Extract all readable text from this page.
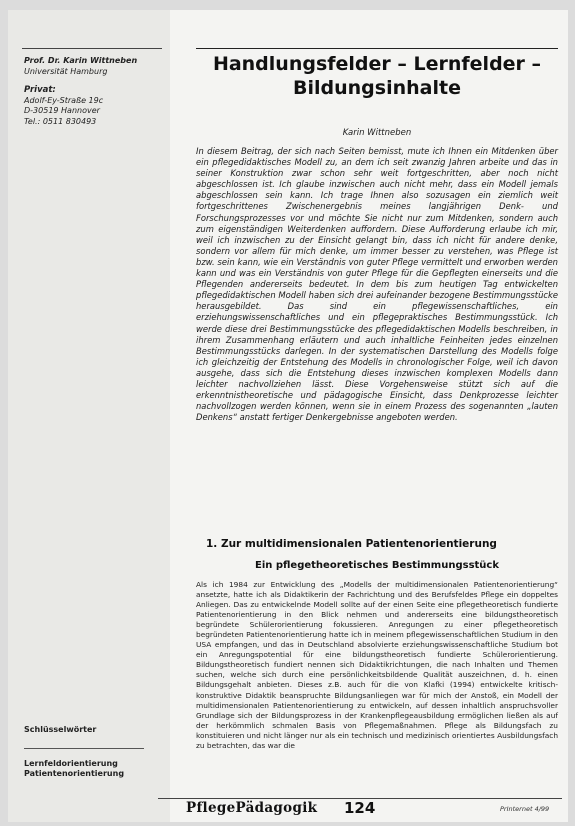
Prof. Dr. Karin Wittneben
Universität Hamburg
Privat:
Adolf-Ey-Straße 19c
D-30519 Hannover
Tel.: 0511 830493
Schlüsselwörter
Lernfeldorientierung
Patientenorientierung
Handlungsfelder – Lernfelder –
Bildungsinhalte
Karin Wittneben
In diesem Beitrag, der sich nach Seiten bemisst, mute ich Ihnen ein Mitdenken über ein pflegedidaktisches Modell zu, an dem ich seit zwanzig Jahren arbeite und das in seiner Konstruktion zwar schon sehr weit fortgeschritten, aber noch nicht abgeschlossen ist. Ich glaube inzwischen auch nicht mehr, dass ein Modell jemals abgeschlossen sein kann. Ich trage Ihnen also sozusagen ein ziemlich weit fortgeschrittenes Zwischenergebnis meines langjährigen Denk- und Forschungsprozesses vor und möchte Sie nicht nur zum Mitdenken, sondern auch zum eigenständigen Weiterdenken auffordern. Diese Aufforderung erlaube ich mir, weil ich inzwischen zu der Einsicht gelangt bin, dass ich nicht für andere denke, sondern vor allem für mich denke, um immer besser zu verstehen, was Pflege ist bzw. sein kann, wie ein Verständnis von guter Pflege vermittelt und erworben werden kann und was ein Verständnis von guter Pflege für die Gepflegten einerseits und die Pflegenden andererseits bedeutet. In dem bis zum heutigen Tag entwickelten pflegedidaktischen Modell haben sich drei aufeinander bezogene Bestimmungsstücke herausgebildet. Das sind ein pflegewissenschaftliches, ein erziehungswissenschaftliches und ein pflegepraktisches Bestimmungsstück. Ich werde diese drei Bestimmungsstücke des pflegedidaktischen Modells beschreiben, in ihrem Zusammenhang erläutern und auch inhaltliche Feinheiten jedes einzelnen Bestimmungsstücks darlegen. In der systematischen Darstellung des Modells folge ich gleichzeitig der Entstehung des Modells in chronologischer Folge, weil ich davon ausgehe, dass sich die Entstehung dieses inzwischen komplexen Modells dann leichter nachvollziehen lässt. Diese Vorgehensweise stützt sich auf die erkenntnistheoretische und pädagogische Einsicht, dass Denkprozesse leichter nachvollzogen werden können, wenn sie in einem Prozess des sogenannten „lauten Denkens“ anstatt fertiger Denkergebnisse angeboten werden.
1. Zur multidimensionalen Patientenorientierung
Ein pflegetheoretisches Bestimmungsstück
Als ich 1984 zur Entwicklung des „Modells der multidimensionalen Patientenorientierung“ ansetzte, hatte ich als Didaktikerin der Fachrichtung und des Berufsfeldes Pflege ein doppeltes Anliegen. Das zu entwickelnde Modell sollte auf der einen Seite eine pflegetheoretisch fundierte Patientenorientierung in den Blick nehmen und andererseits eine bildungstheoretisch begründete Schülerorientierung fokussieren. Anregungen zu einer pflegetheoretisch begründeten Patientenorientierung hatte ich in meinem pflegewissenschaftlichen Studium in den USA empfangen, und das in Deutschland absolvierte erziehungswissenschaftliche Studium bot ein Anregungspotential für eine bildungstheoretisch fundierte Schülerorientierung. Bildungstheoretisch fundiert nennen sich Didaktikrichtungen, die nach Inhalten und Themen suchen, welche sich durch eine persönlichkeitsbildende Qualität auszeichnen, d. h. einen Bildungsgehalt anbieten. Dieses z.B. auch für die von Klafki (1994) entwickelte kritisch-konstruktive Didaktik beanspruchte Bildungsanliegen war für mich der Anstoß, ein Modell der multidimensionalen Patientenorientierung zu entwickeln, auf dessen inhaltlich anspruchsvoller Grundlage sich der Bildungsprozess in der Krankenpflegeausbildung ermöglichen ließen als auf der herkömmlich schmalen Basis von Pflegemaßnahmen. Pflege als Bildungsfach zu konstituieren und nicht länger nur als ein technisch und medizinisch orientiertes Ausbildungsfach zu betrachten, das war die
PflegePädagogik 124	PrInternet 4/99
